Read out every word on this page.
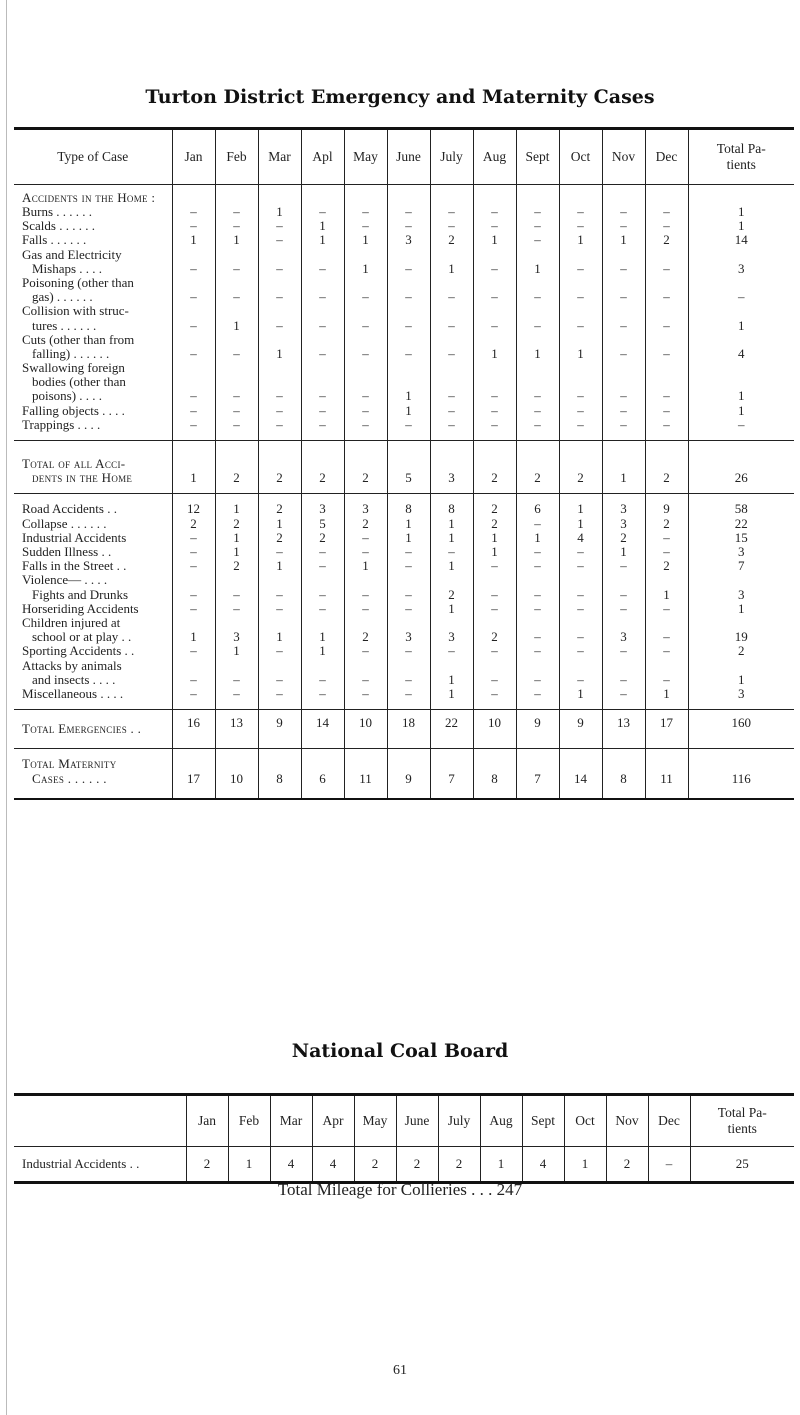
Turton District Emergency and Maternity Cases
Type of Case	Jan	Feb	Mar	Apl	May	June	July	Aug	Sept	Oct	Nov	Dec	Total Pa- tients
Accidents in the Home :													

Burns . . . . . .	–	–	1	–	–	–	–	–	–	–	–	–	1

Scalds . . . . . .	–	–	–	1	–	–	–	–	–	–	–	–	1

Falls . . . . . .	1	1	–	1	1	3	2	1	–	1	1	2	14

Gas and Electricity
Mishaps . . . .	–	–	–	–	1	–	1	–	1	–	–	–	3

Poisoning (other than
gas) . . . . . .	–	–	–	–	–	–	–	–	–	–	–	–	–

Collision with struc-
tures . . . . . .	–	1	–	–	–	–	–	–	–	–	–	–	1

Cuts (other than from
falling) . . . . . .	–	–	1	–	–	–	–	1	1	1	–	–	4

Swallowing foreign
bodies (other than
poisons) . . . .	–	–	–	–	–	1	–	–	–	–	–	–	1

Falling objects . . . .	–	–	–	–	–	1	–	–	–	–	–	–	1

Trappings . . . .	–	–	–	–	–	–	–	–	–	–	–	–	–

Total of all Acci-
dents in the Home	1	2	2	2	2	5	3	2	2	2	1	2	26

Road Accidents . .	12	1	2	3	3	8	8	2	6	1	3	9	58

Collapse . . . . . .	2	2	1	5	2	1	1	2	–	1	3	2	22

Industrial Accidents	–	1	2	2	–	1	1	1	1	4	2	–	15

Sudden Illness . .	–	1	–	–	–	–	–	1	–	–	1	–	3

Falls in the Street . .	–	2	1	–	1	–	1	–	–	–	–	2	7

Violence— . . . .
Fights and Drunks	–	–	–	–	–	–	2	–	–	–	–	1	3

Horseriding Accidents	–	–	–	–	–	–	1	–	–	–	–	–	1

Children injured at
school or at play . .	1	3	1	1	2	3	3	2	–	–	3	–	19

Sporting Accidents . .	–	1	–	1	–	–	–	–	–	–	–	–	2

Attacks by animals
and insects . . . .	–	–	–	–	–	–	1	–	–	–	–	–	1

Miscellaneous . . . .	–	–	–	–	–	–	1	–	–	1	–	1	3

Total Emergencies . .	16	13	9	14	10	18	22	10	9	9	13	17	160

Total Maternity
Cases . . . . . .	17	10	8	6	11	9	7	8	7	14	8	11	116
National Coal Board
	Jan	Feb	Mar	Apr	May	June	July	Aug	Sept	Oct	Nov	Dec	Total Pa- tients
Industrial Accidents . .	2	1	4	4	2	2	2	1	4	1	2	–	25
Total Mileage for Collieries . . . 247
61
